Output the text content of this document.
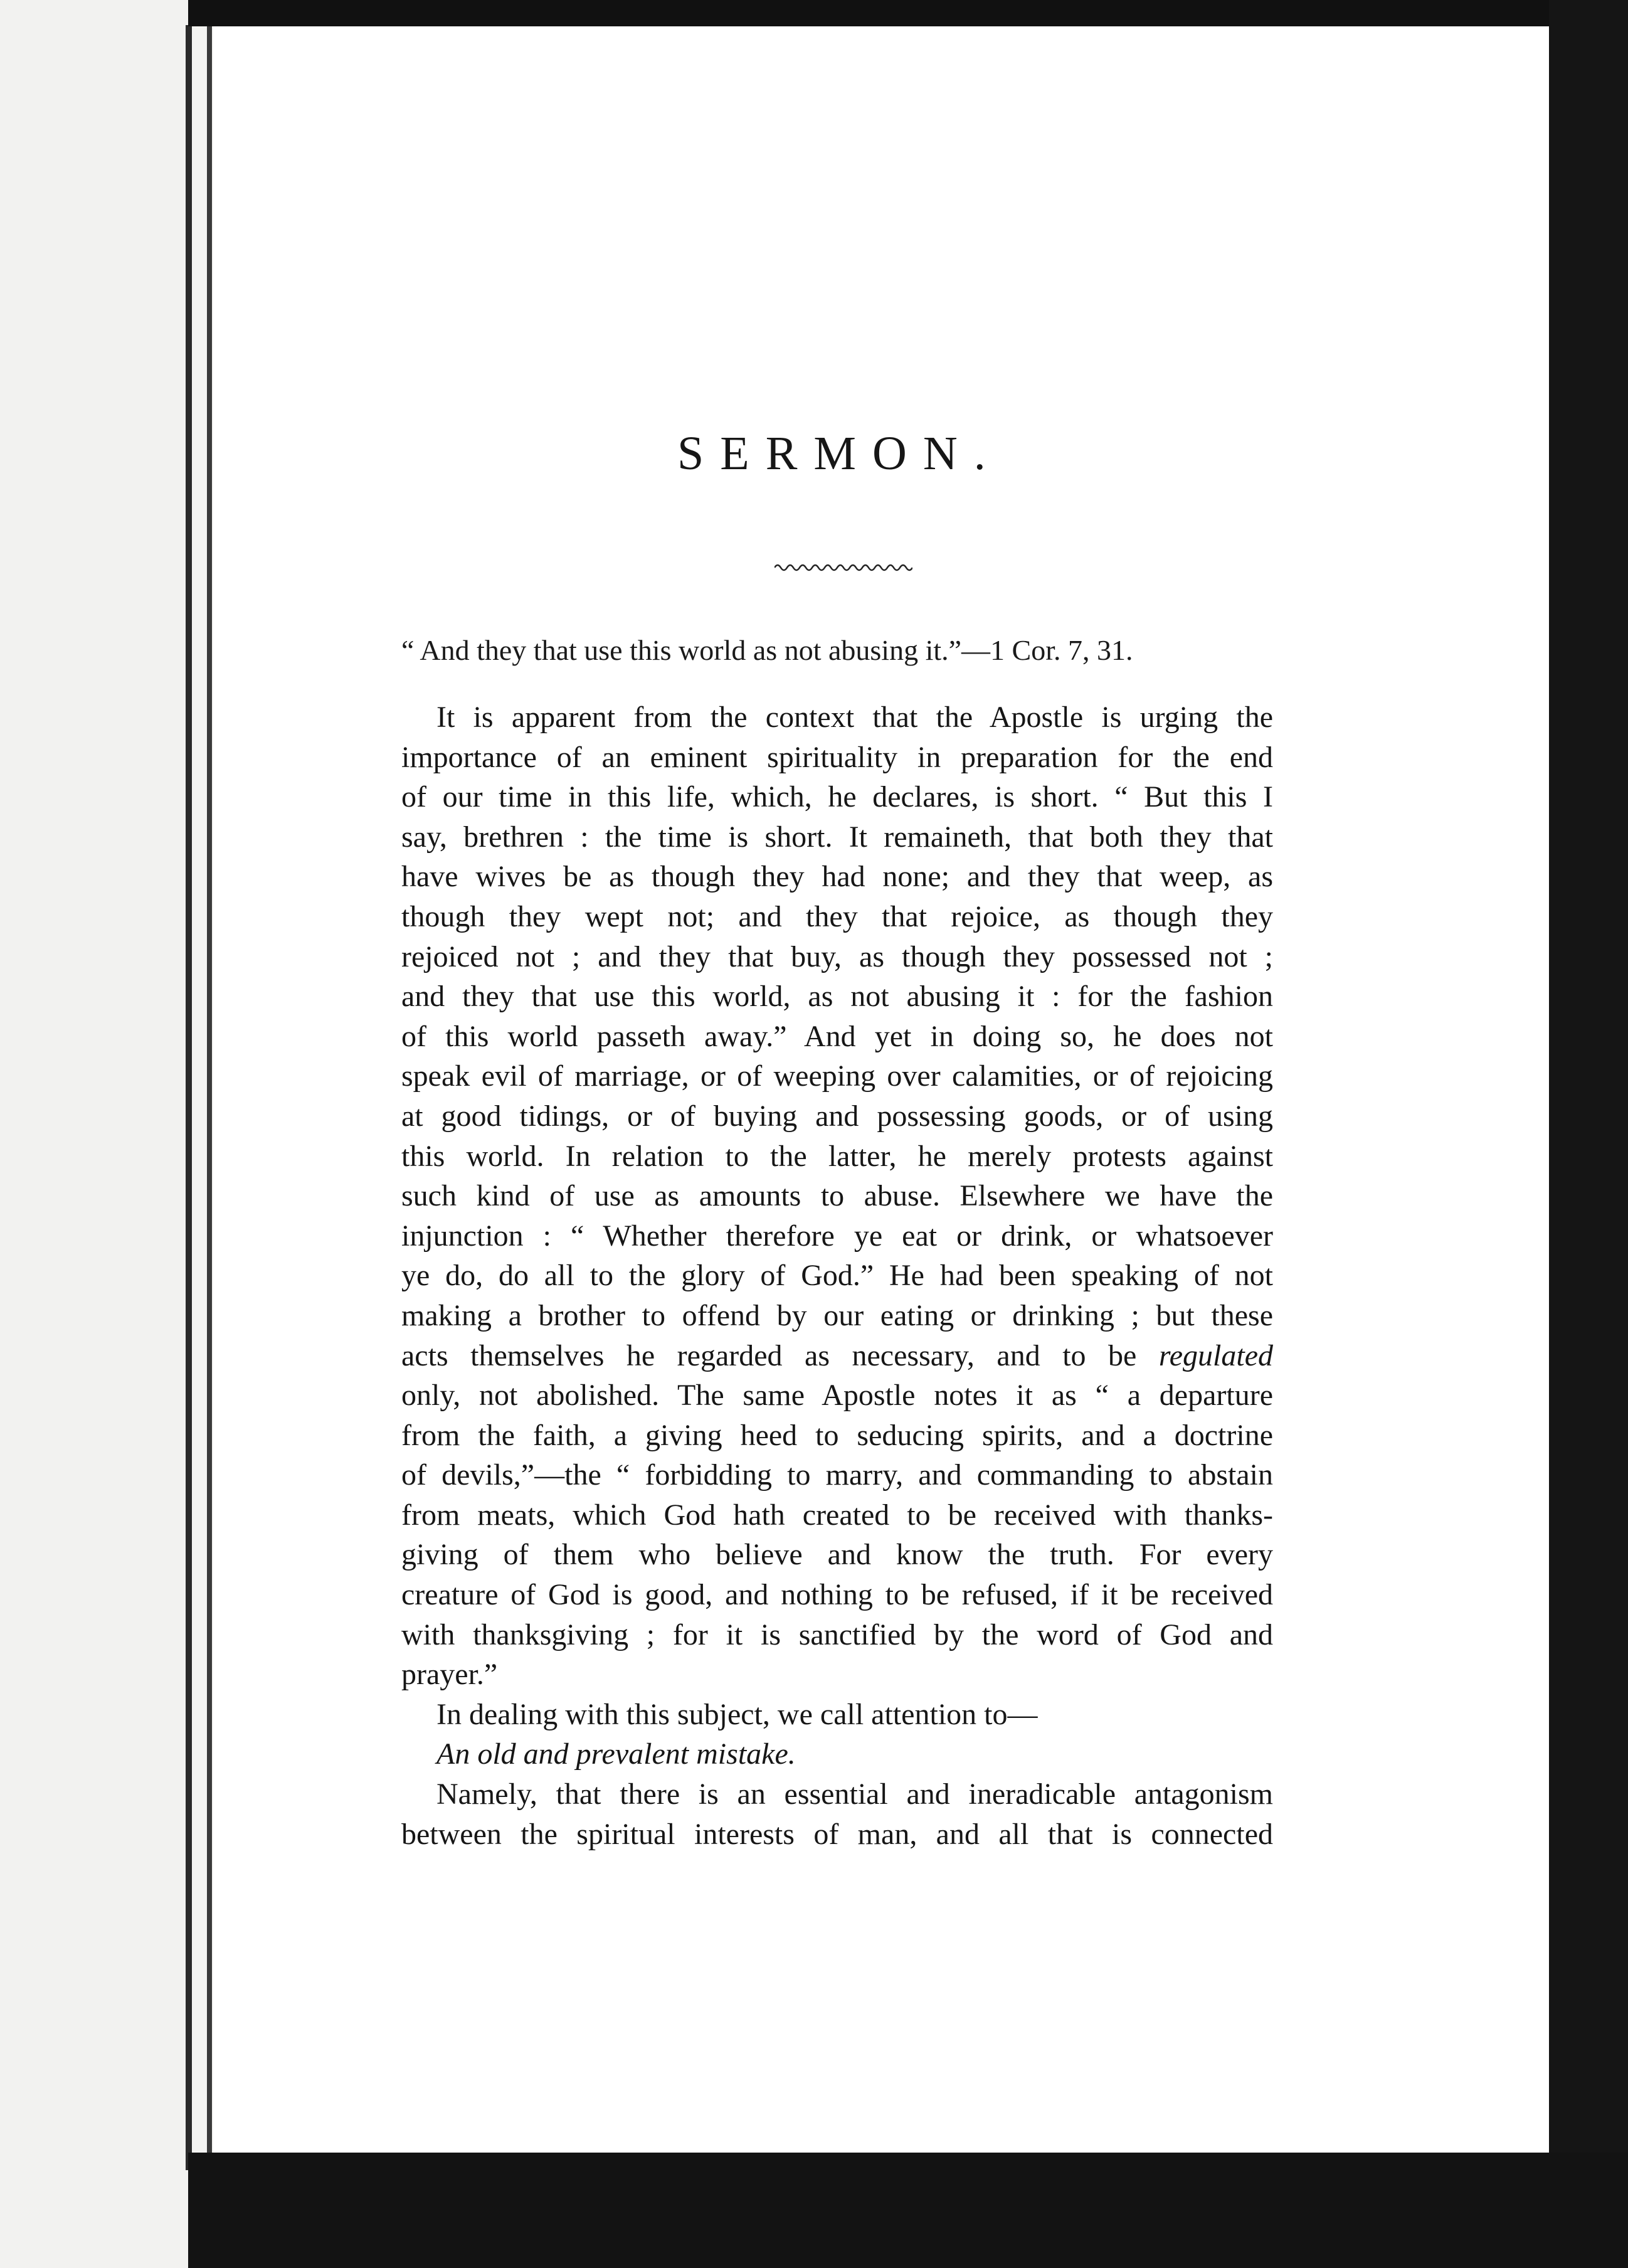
SERMON.
“ And they that use this world as not abusing it.”—1 Cor. 7, 31.
It is apparent from the context that the Apostle is urging the
importance of an eminent spirituality in preparation for the end
of our time in this life, which, he declares, is short. “ But this I
say, brethren : the time is short. It remaineth, that both they that
have wives be as though they had none; and they that weep, as
though they wept not; and they that rejoice, as though they
rejoiced not ; and they that buy, as though they possessed not ;
and they that use this world, as not abusing it : for the fashion
of this world passeth away.” And yet in doing so, he does not
speak evil of marriage, or of weeping over calamities, or of rejoicing
at good tidings, or of buying and possessing goods, or of using
this world. In relation to the latter, he merely protests against
such kind of use as amounts to abuse. Elsewhere we have the
injunction : “ Whether therefore ye eat or drink, or whatsoever
ye do, do all to the glory of God.” He had been speaking of not
making a brother to offend by our eating or drinking ; but these
acts themselves he regarded as necessary, and to be regulated
only, not abolished. The same Apostle notes it as “ a departure
from the faith, a giving heed to seducing spirits, and a doctrine
of devils,”—the “ forbidding to marry, and commanding to abstain
from meats, which God hath created to be received with thanks-
giving of them who believe and know the truth. For every
creature of God is good, and nothing to be refused, if it be received
with thanksgiving ; for it is sanctified by the word of God and
prayer.”
In dealing with this subject, we call attention to—
An old and prevalent mistake.
Namely, that there is an essential and ineradicable antagonism
between the spiritual interests of man, and all that is connected
